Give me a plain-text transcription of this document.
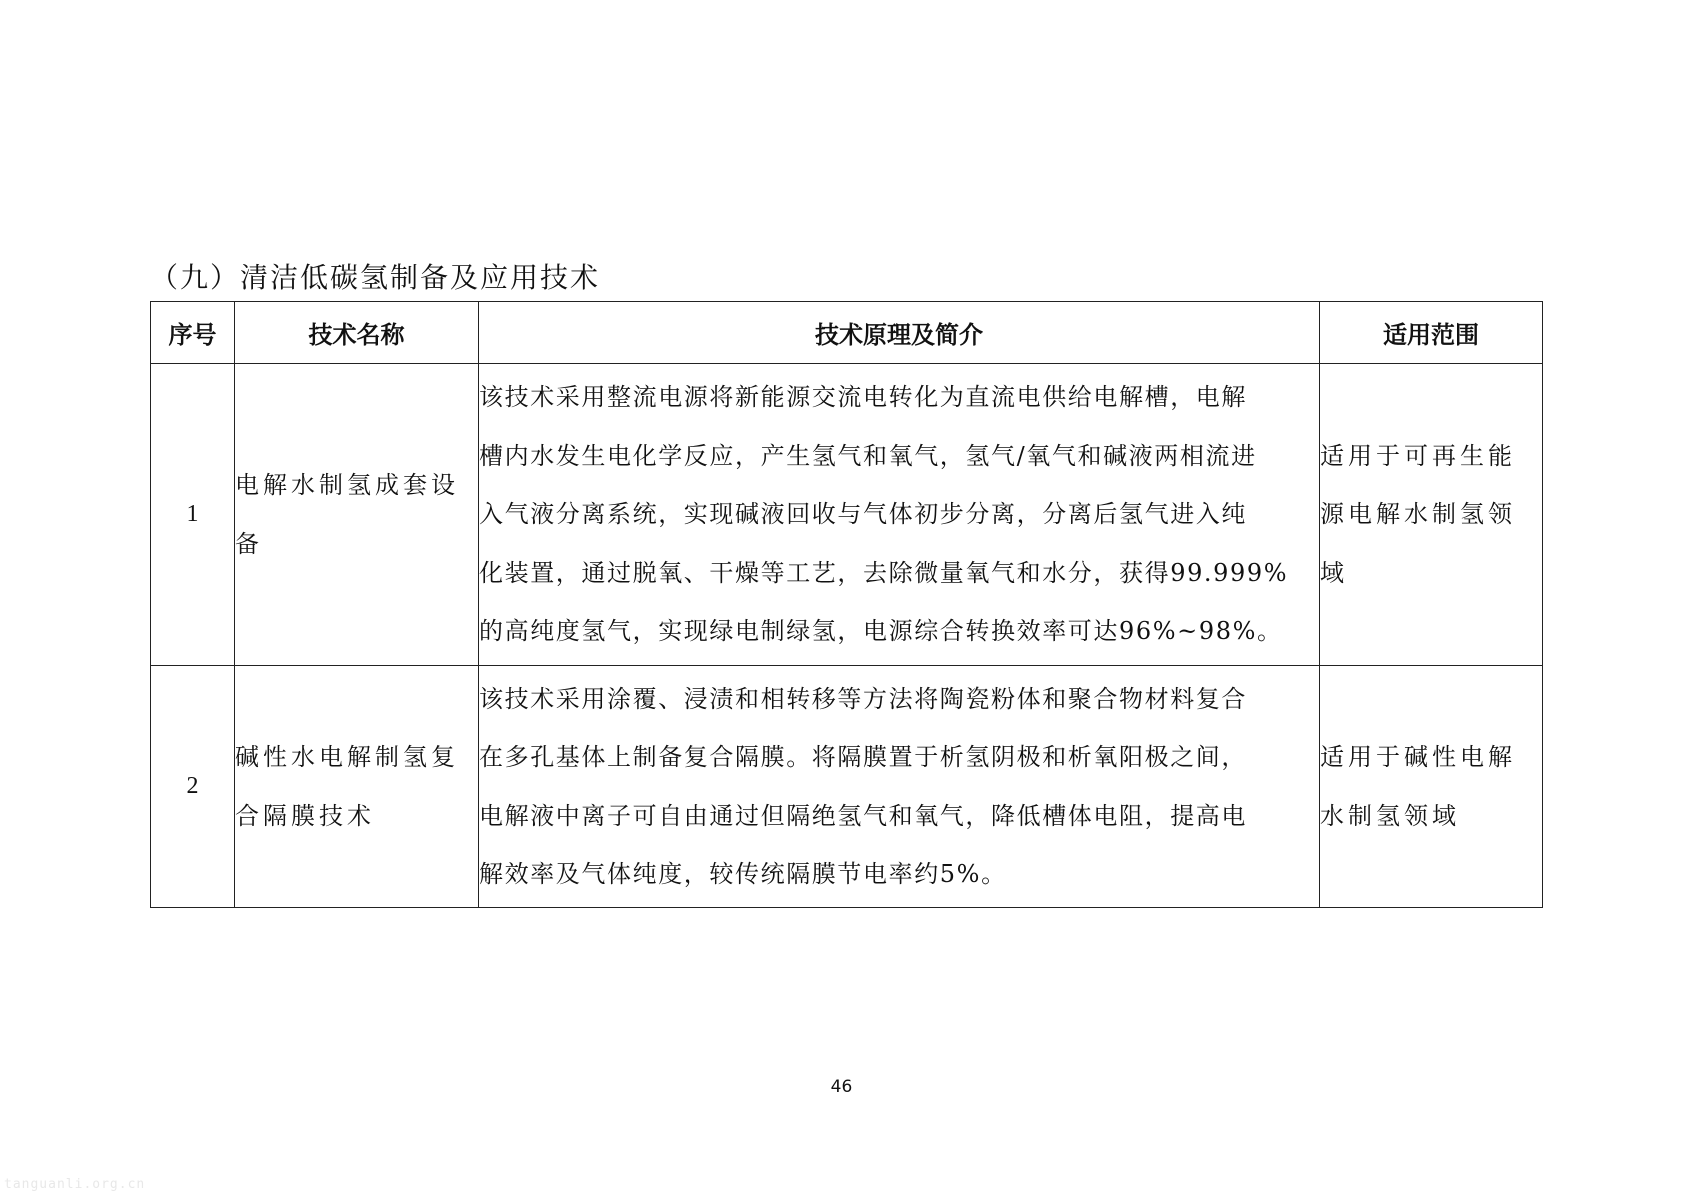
（九）清洁低碳氢制备及应用技术
序号	技术名称	技术原理及简介	适用范围
1	电解水制氢成套设备	该技术采用整流电源将新能源交流电转化为直流电供给电解槽，电解
槽内水发生电化学反应，产生氢气和氧气，氢气/氧气和碱液两相流进
入气液分离系统，实现碱液回收与气体初步分离，分离后氢气进入纯
化装置，通过脱氧、干燥等工艺，去除微量氧气和水分，获得99.999%
的高纯度氢气，实现绿电制绿氢，电源综合转换效率可达96%~98%。	适用于可再生能源电解水制氢领域
2	碱性水电解制氢复合隔膜技术	该技术采用涂覆、浸渍和相转移等方法将陶瓷粉体和聚合物材料复合
在多孔基体上制备复合隔膜。将隔膜置于析氢阴极和析氧阳极之间，
电解液中离子可自由通过但隔绝氢气和氧气，降低槽体电阻，提高电
解效率及气体纯度，较传统隔膜节电率约5%。	适用于碱性电解水制氢领域
46
tanguanli.org.cn
